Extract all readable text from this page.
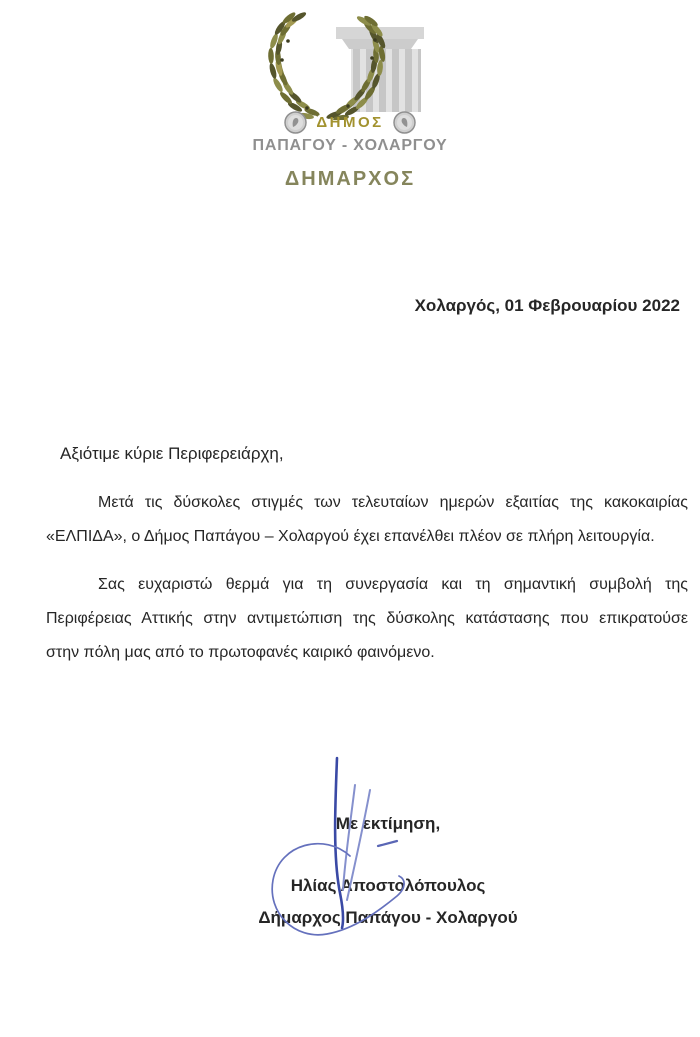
ΔΗΜΟΣ
ΠΑΠΑΓΟΥ - ΧΟΛΑΡΓΟΥ
ΔΗΜΑΡΧΟΣ
Χολαργός, 01 Φεβρουαρίου 2022
Αξιότιμε κύριε Περιφερειάρχη,
Μετά τις δύσκολες στιγμές των τελευταίων ημερών εξαιτίας της κακοκαιρίας
«ΕΛΠΙΔΑ», ο Δήμος Παπάγου – Χολαργού έχει επανέλθει πλέον σε πλήρη λειτουργία.
Σας ευχαριστώ θερμά για τη συνεργασία και τη σημαντική συμβολή της
Περιφέρειας Αττικής στην αντιμετώπιση της δύσκολης κατάστασης που επικρατούσε
στην πόλη μας από το πρωτοφανές καιρικό φαινόμενο.
Με εκτίμηση,
Ηλίας Αποστολόπουλος
Δήμαρχος Παπάγου - Χολαργού
